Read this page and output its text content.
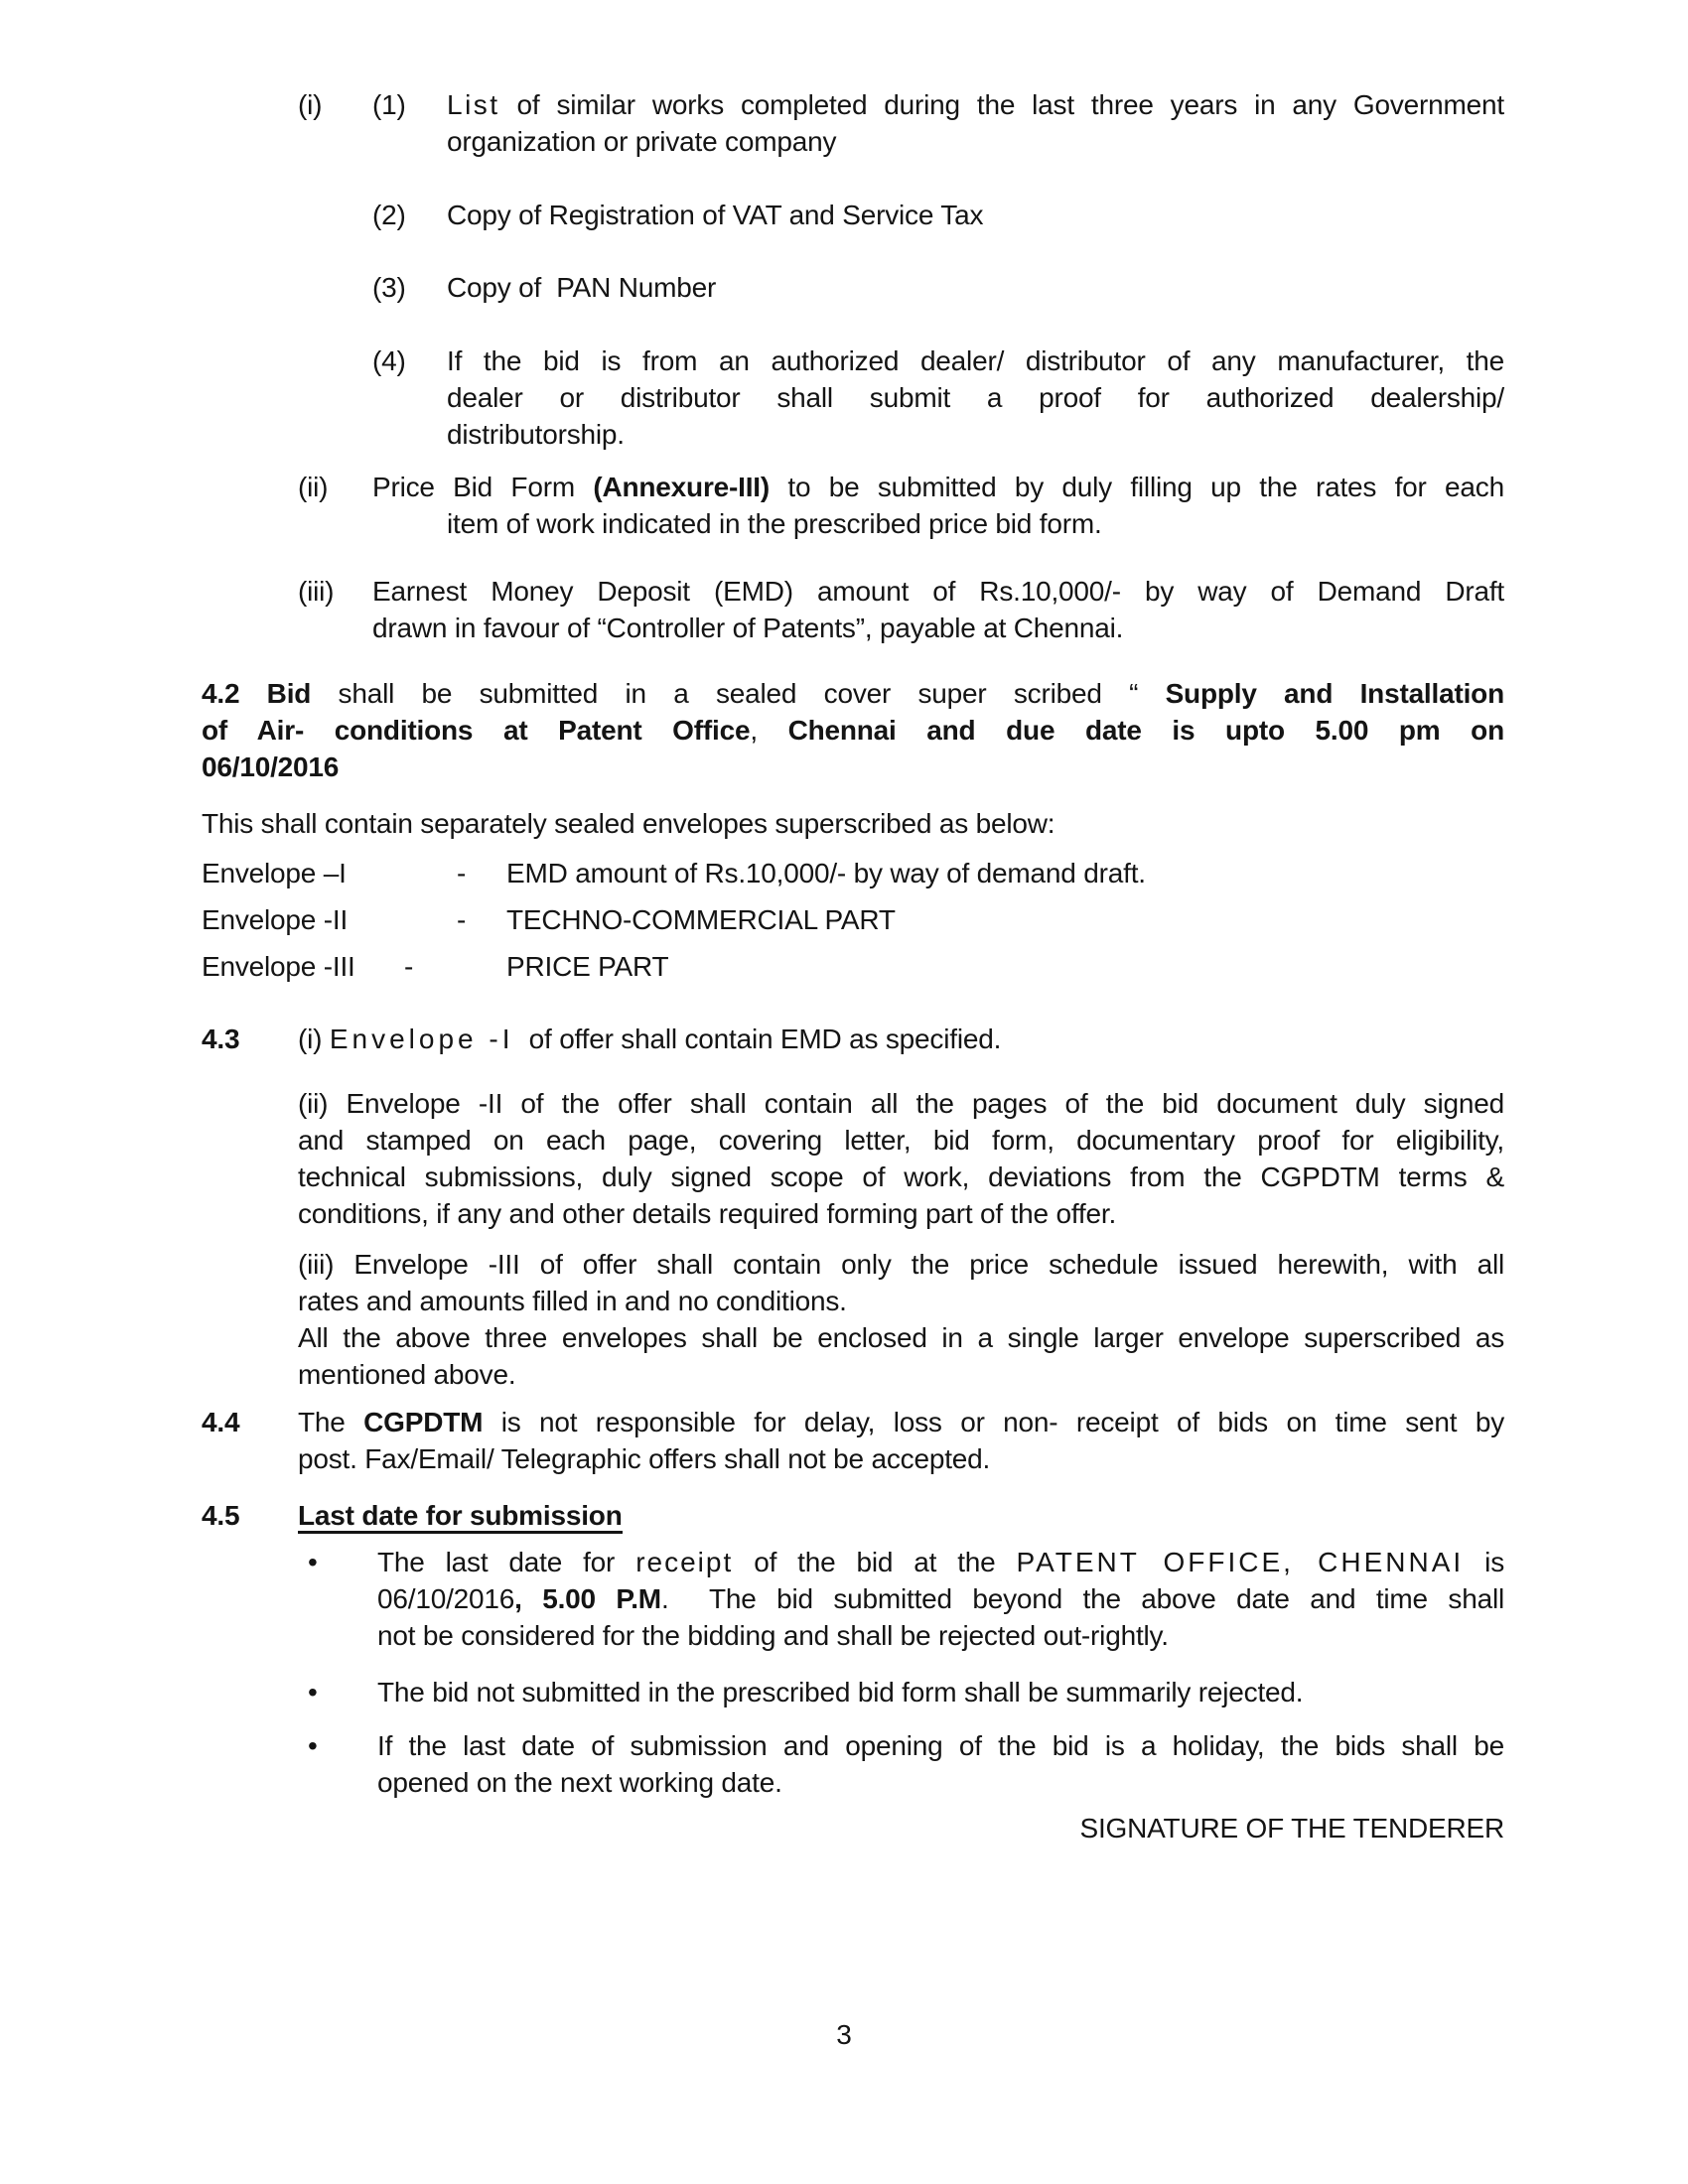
(i) (1) List of similar works completed during the last three years in any Government
organization or private company
(2) Copy of Registration of VAT and Service Tax
(3) Copy of  PAN Number
(4) If the bid is from an authorized dealer/ distributor of any manufacturer, the
dealer or distributor shall submit a proof for authorized dealership/
distributorship.
(ii)	Price Bid Form (Annexure-III) to be submitted by duly filling up the rates for each
item of work indicated in the prescribed price bid form.
(iii) Earnest Money Deposit (EMD) amount of Rs.10,000/- by way of Demand Draft
drawn in favour of “Controller of Patents”, payable at Chennai.
4.2 Bid shall be submitted in a sealed cover super scribed “ Supply and Installation
of Air- conditions at Patent Office, Chennai and due date is upto 5.00 pm on
06/10/2016
This shall contain separately sealed envelopes superscribed as below:
Envelope –I	-	EMD amount of Rs.10,000/- by way of demand draft.
Envelope -II	-	TECHNO-COMMERCIAL PART
Envelope -III	-	PRICE PART
4.3 (i) Envelope -I  of offer shall contain EMD as specified.
(ii) Envelope -II of the offer shall contain all the pages of the bid document duly signed
and stamped on each page, covering letter, bid form, documentary proof for eligibility,
technical submissions, duly signed scope of work, deviations from the CGPDTM terms &
conditions, if any and other details required forming part of the offer.
(iii) Envelope -III of offer shall contain only the price schedule issued herewith, with all
rates and amounts filled in and no conditions.
All the above three envelopes shall be enclosed in a single larger envelope superscribed as
mentioned above.
4.4 The CGPDTM is not responsible for delay, loss or non- receipt of bids on time sent by
post. Fax/Email/ Telegraphic offers shall not be accepted.
4.5 Last date for submission
• The last date for receipt of the bid at the PATENT OFFICE, CHENNAI is
06/10/2016, 5.00 P.M.  The bid submitted beyond the above date and time shall
not be considered for the bidding and shall be rejected out-rightly.
• The bid not submitted in the prescribed bid form shall be summarily rejected.
• If the last date of submission and opening of the bid is a holiday, the bids shall be
opened on the next working date.
SIGNATURE OF THE TENDERER
3
